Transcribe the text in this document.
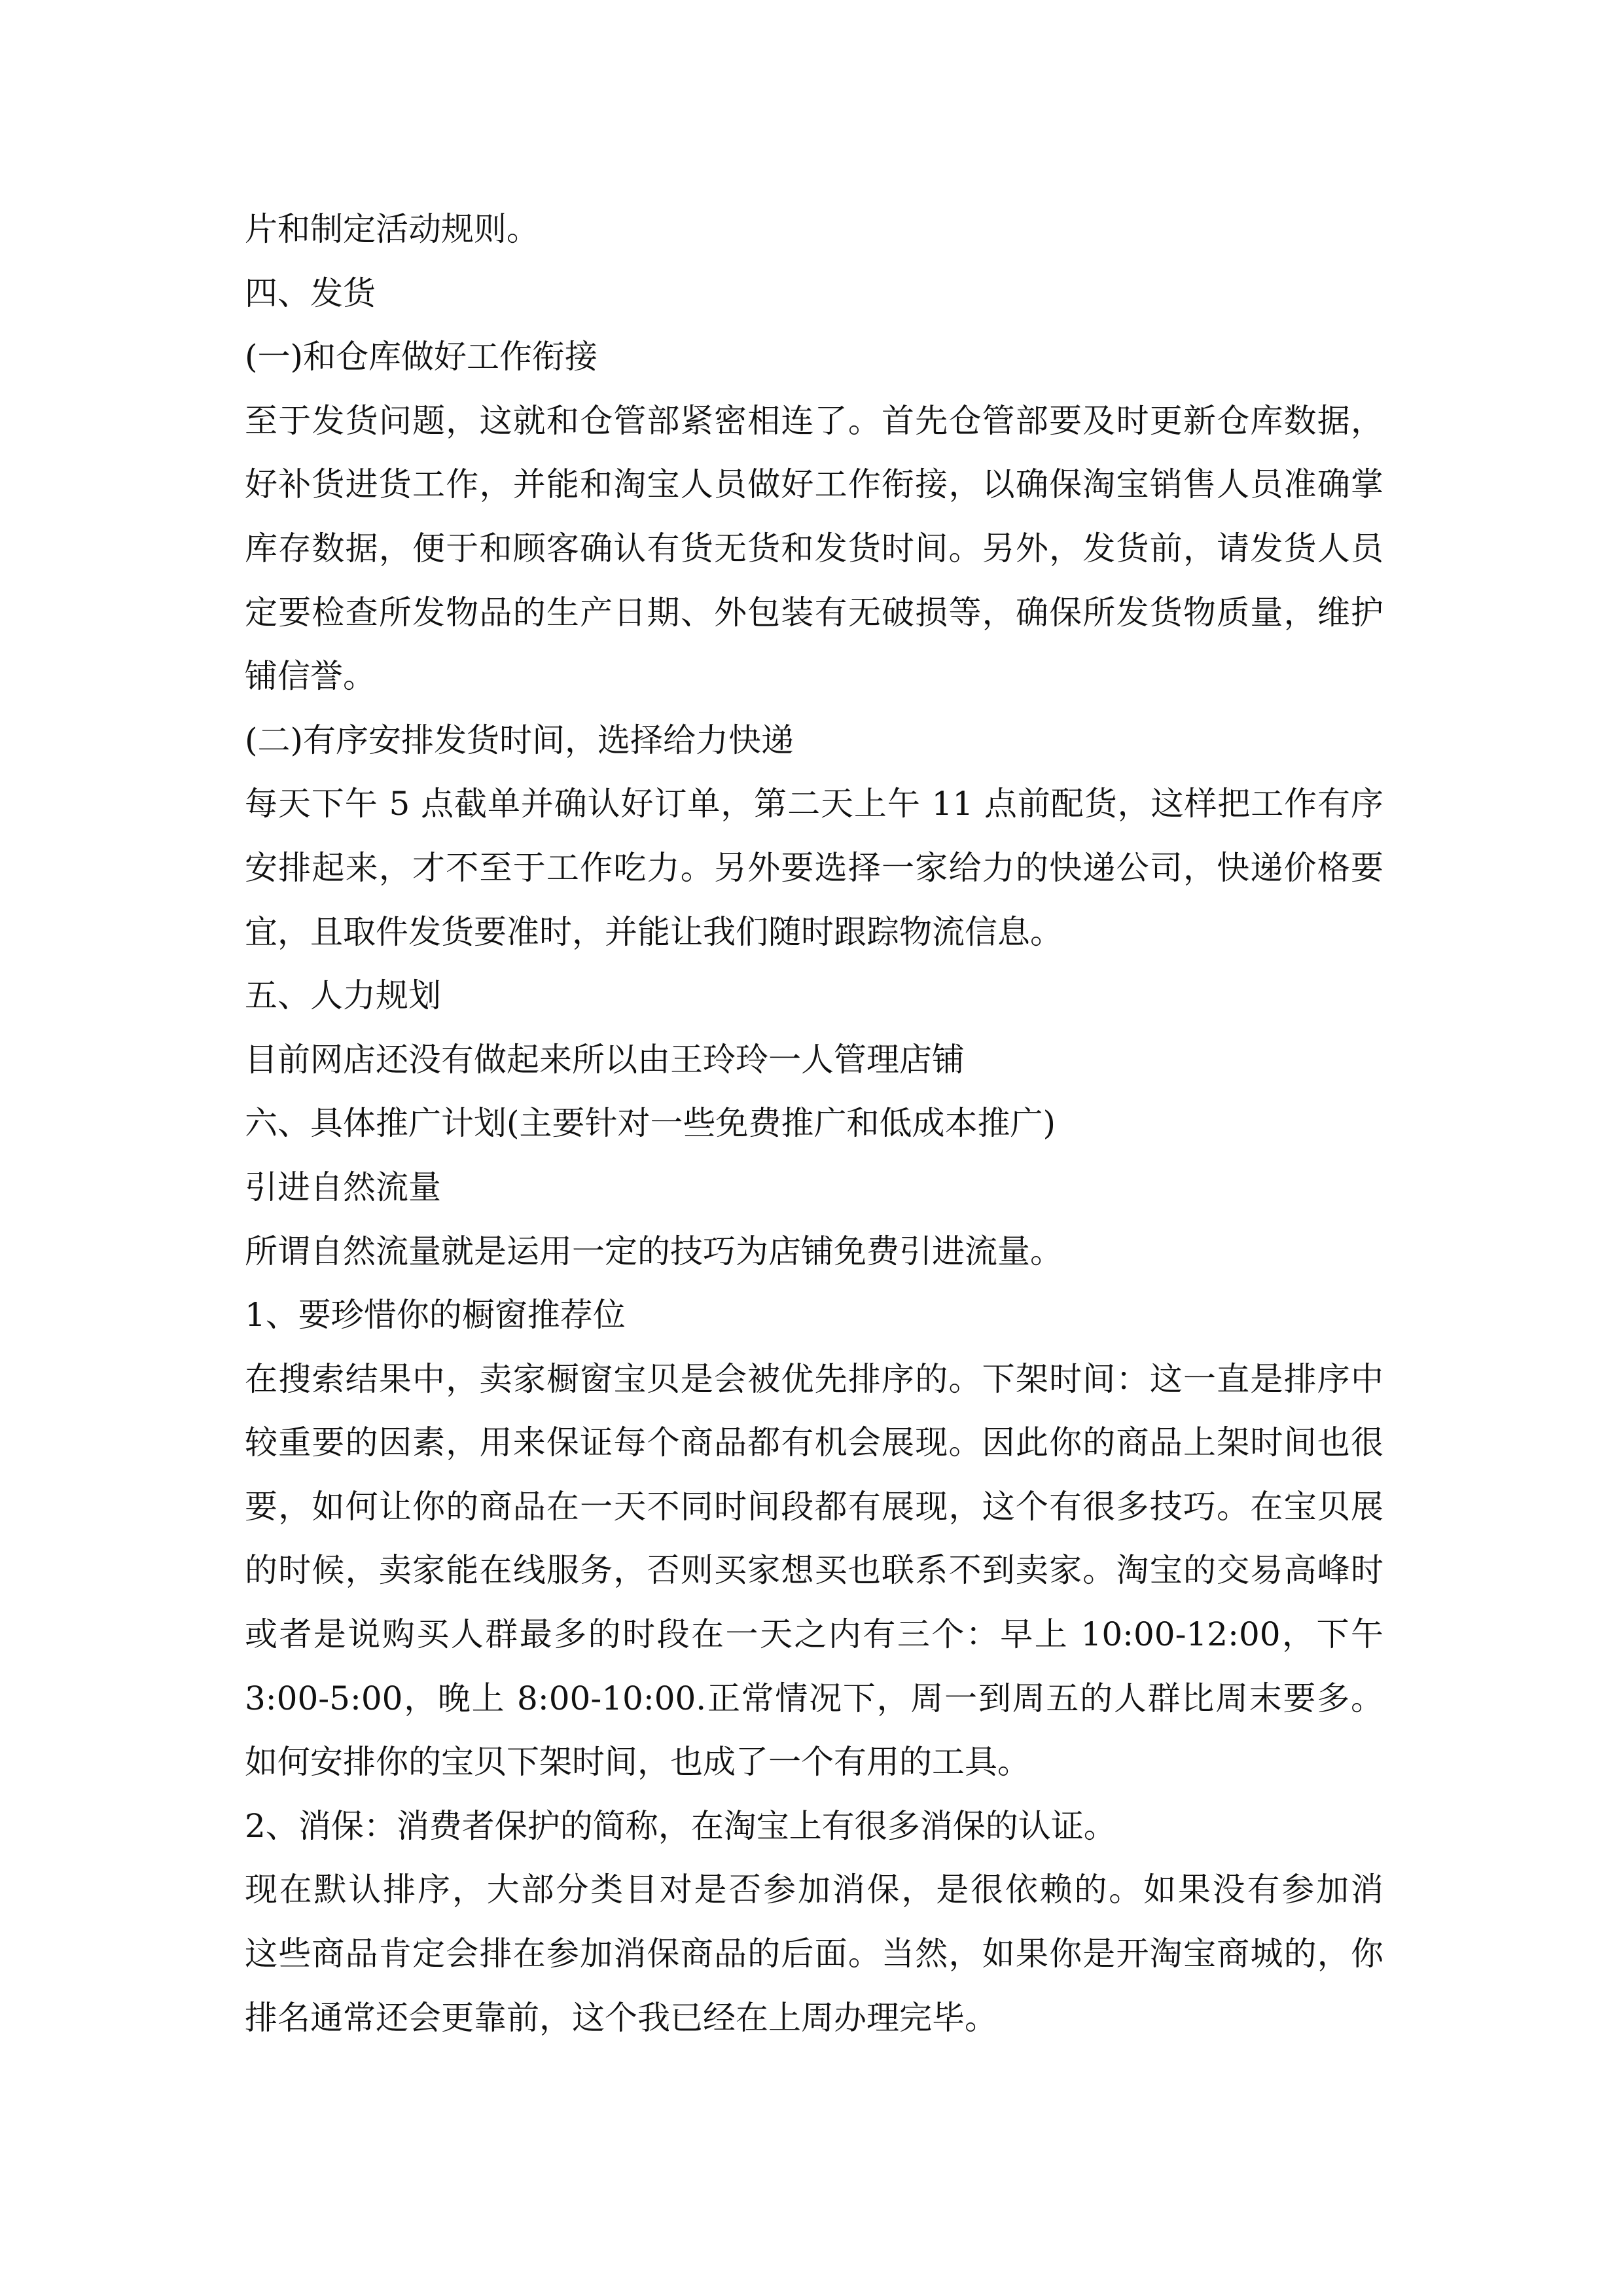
片和制定活动规则。
四、发货
(一)和仓库做好工作衔接
至于发货问题，这就和仓管部紧密相连了。首先仓管部要及时更新仓库数据，
好补货进货工作，并能和淘宝人员做好工作衔接，以确保淘宝销售人员准确掌
库存数据，便于和顾客确认有货无货和发货时间。另外，发货前，请发货人员
定要检查所发物品的生产日期、外包装有无破损等，确保所发货物质量，维护
铺信誉。
(二)有序安排发货时间，选择给力快递
每天下午 5 点截单并确认好订单，第二天上午 11 点前配货，这样把工作有序
安排起来，才不至于工作吃力。另外要选择一家给力的快递公司，快递价格要
宜，且取件发货要准时，并能让我们随时跟踪物流信息。
五、人力规划
目前网店还没有做起来所以由王玲玲一人管理店铺
六、具体推广计划(主要针对一些免费推广和低成本推广)
引进自然流量
所谓自然流量就是运用一定的技巧为店铺免费引进流量。
1、要珍惜你的橱窗推荐位
在搜索结果中，卖家橱窗宝贝是会被优先排序的。下架时间：这一直是排序中
较重要的因素，用来保证每个商品都有机会展现。因此你的商品上架时间也很
要，如何让你的商品在一天不同时间段都有展现，这个有很多技巧。在宝贝展
的时候，卖家能在线服务，否则买家想买也联系不到卖家。淘宝的交易高峰时
或者是说购买人群最多的时段在一天之内有三个：早上 10:00-12:00，下午
3:00-5:00，晚上 8:00-10:00.正常情况下，周一到周五的人群比周末要多。
如何安排你的宝贝下架时间，也成了一个有用的工具。
2、消保：消费者保护的简称，在淘宝上有很多消保的认证。
现在默认排序，大部分类目对是否参加消保，是很依赖的。如果没有参加消
这些商品肯定会排在参加消保商品的后面。当然，如果你是开淘宝商城的，你
排名通常还会更靠前，这个我已经在上周办理完毕。
